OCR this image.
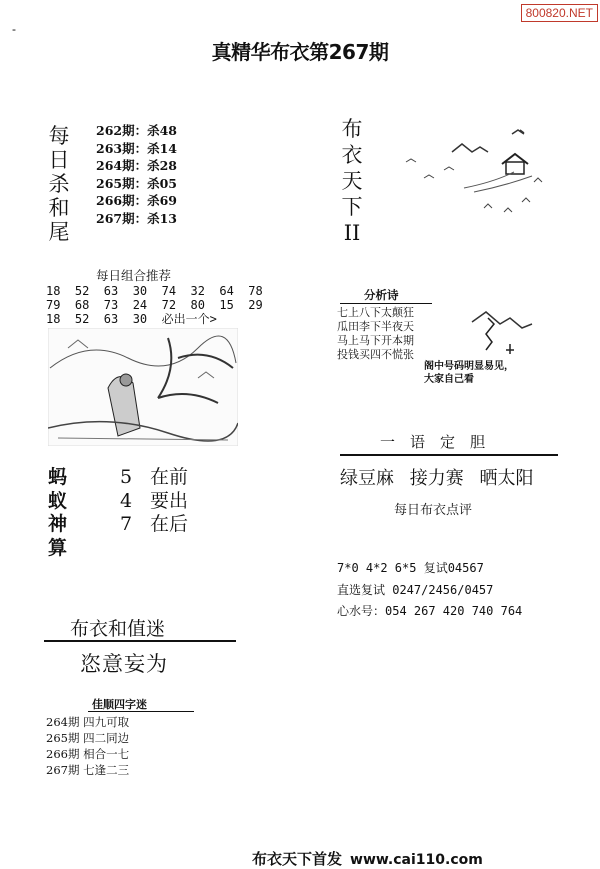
800820.NET
-
真精华布衣第267期
每
日
杀
和
尾
262期：杀48
263期：杀14
264期：杀28
265期：杀05
266期：杀69
267期：杀13
每日组合推荐
18  52  63  30  74  32  64  78
79  68  73  24  72  80  15  29
18  52  63  30  必出一个>
蚂
蚁
神
算
5 在前
4 要出
7 在后
布衣和值迷
恣意妄为
佳顺四字迷
264期 四九可取
265期 四二同边
266期 相合一七
267期 七逢二三
布
衣
天
下
II
分析诗
七上八下太颠狂
瓜田李下半夜天
马上马下开本期
投钱买四不慌张
阁中号码明显易见，
大家自己看
一语定胆
绿豆麻 接力赛 晒太阳
每日布衣点评
7*0 4*2 6*5 复试04567
直选复试 0247/2456/0457
心水号：054 267 420 740 764
布衣天下首发 www.cai110.com
